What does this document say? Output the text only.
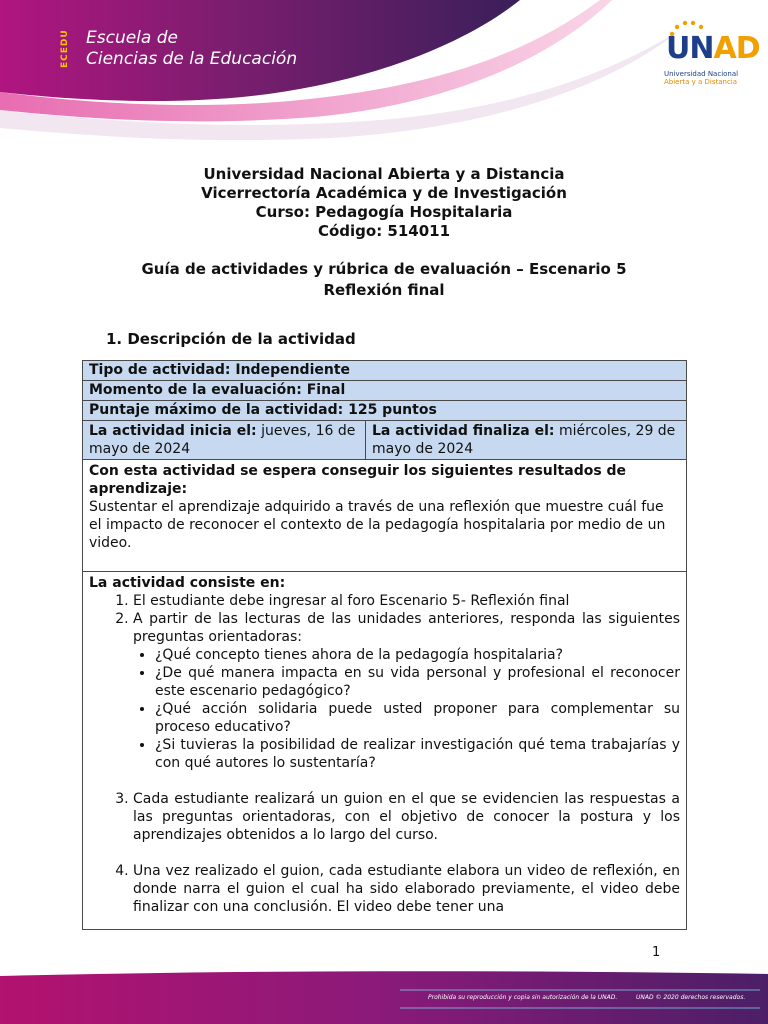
ECEDU Escuela de
Ciencias de la Educación	UNAD
Universidad Nacional
Abierta y a Distancia
Universidad Nacional Abierta y a Distancia
Vicerrectoría Académica y de Investigación
Curso: Pedagogía Hospitalaria
Código: 514011
Guía de actividades y rúbrica de evaluación – Escenario 5
Reflexión final
1. Descripción de la actividad
Tipo de actividad: Independiente
Momento de la evaluación: Final
Puntaje máximo de la actividad: 125 puntos
La actividad inicia el: jueves, 16 de mayo de 2024
La actividad finaliza el: miércoles, 29 de mayo de 2024
Con esta actividad se espera conseguir los siguientes resultados de aprendizaje:
Sustentar el aprendizaje adquirido a través de una reflexión que muestre cuál fue el impacto de reconocer el contexto de la pedagogía hospitalaria por medio de un video.
La actividad consiste en:
1. El estudiante debe ingresar al foro Escenario 5- Reflexión final
2. A partir de las lecturas de las unidades anteriores, responda las siguientes preguntas orientadoras:
• ¿Qué concepto tienes ahora de la pedagogía hospitalaria?
• ¿De qué manera impacta en su vida personal y profesional el reconocer este escenario pedagógico?
• ¿Qué acción solidaria puede usted proponer para complementar su proceso educativo?
• ¿Si tuvieras la posibilidad de realizar investigación qué tema trabajarías y con qué autores lo sustentaría?
3. Cada estudiante realizará un guion en el que se evidencien las respuestas a las preguntas orientadoras, con el objetivo de conocer la postura y los aprendizajes obtenidos a lo largo del curso.
4. Una vez realizado el guion, cada estudiante elabora un video de reflexión, en donde narra el guion el cual ha sido elaborado previamente, el video debe finalizar con una conclusión. El video debe tener una
1
Prohibida su reproducción y copia sin autorización de la UNAD.	UNAD © 2020 derechos reservados.
